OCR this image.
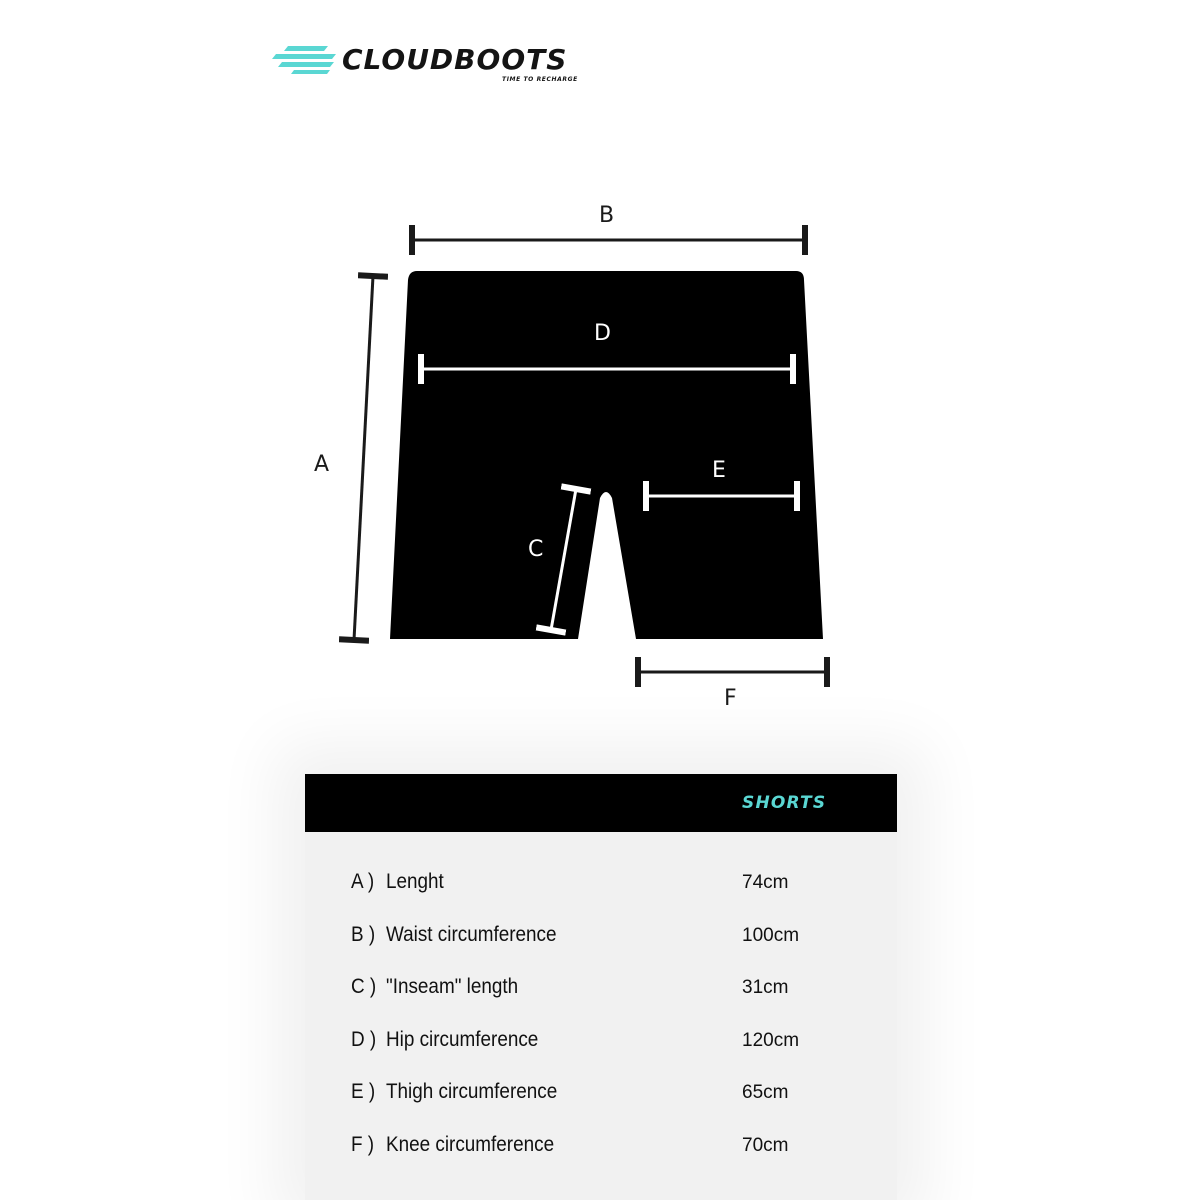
CLOUDBOOTS
TIME TO RECHARGE
B
A
D
E
C
F
SHORTS
A ) Lenght	74cm
B ) Waist circumference	100cm
C ) "Inseam" length	31cm
D ) Hip circumference	120cm
E ) Thigh circumference	65cm
F ) Knee circumference	70cm
